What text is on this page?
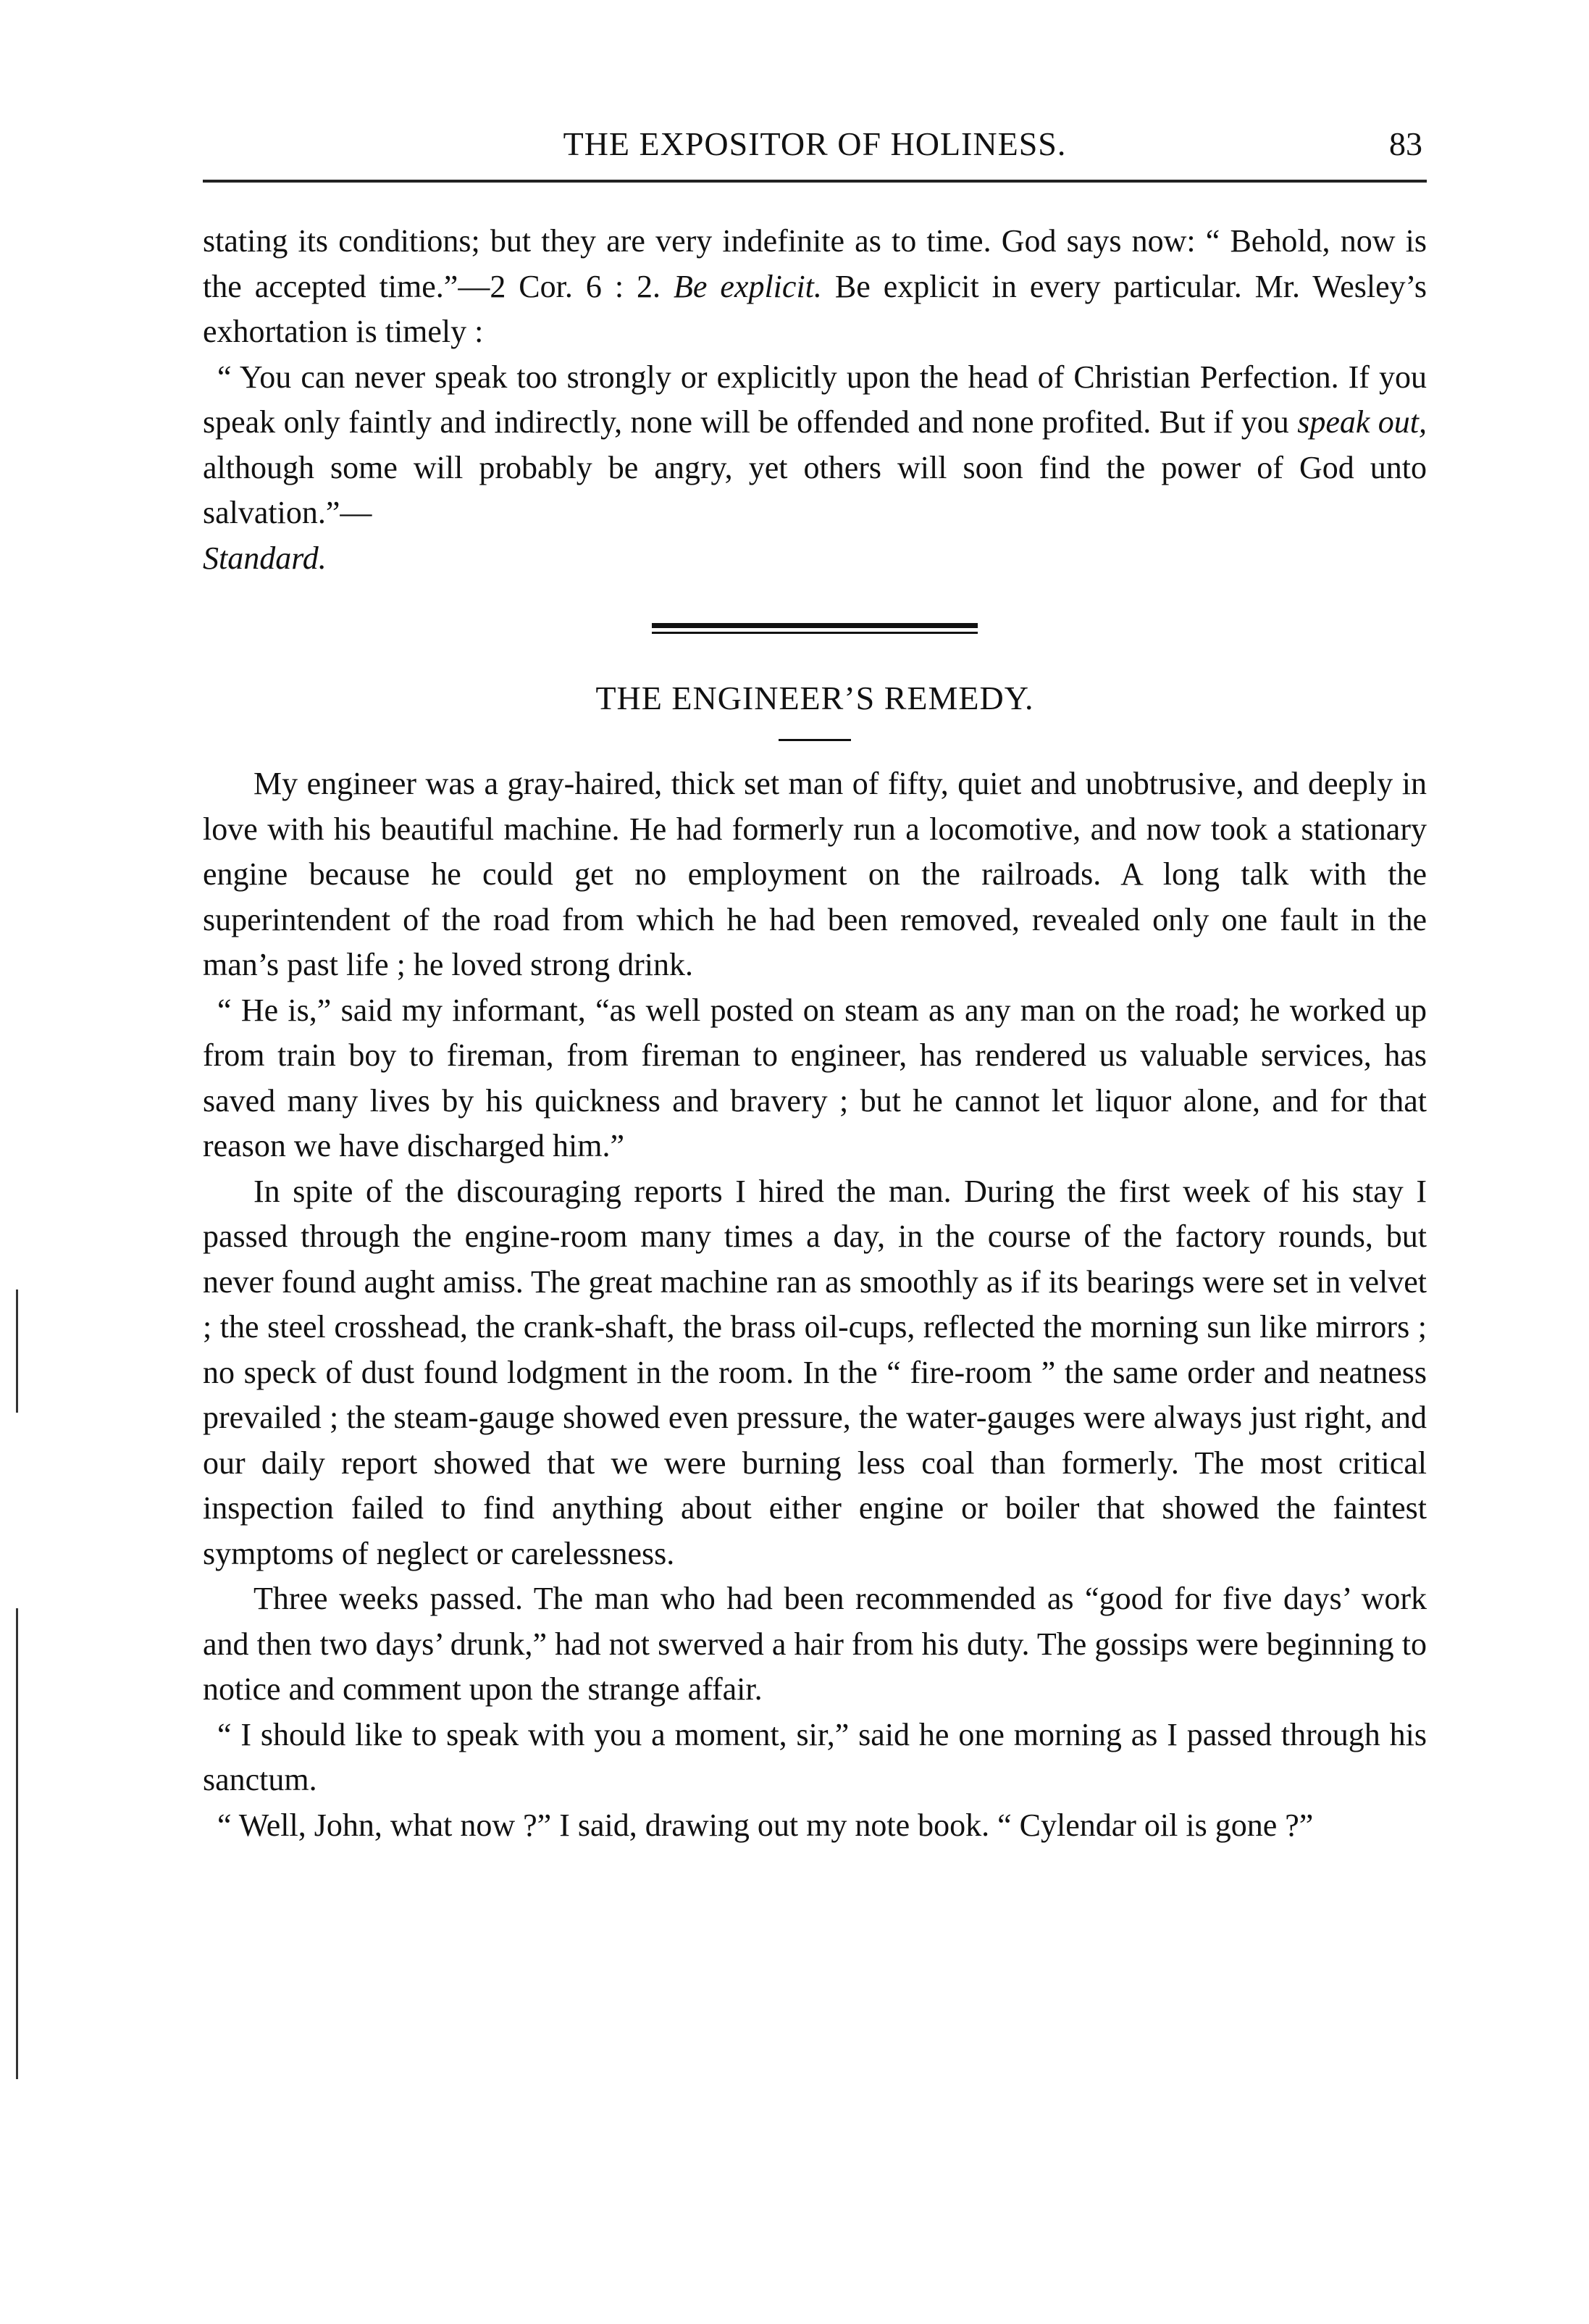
THE EXPOSITOR OF HOLINESS.	83

stating its conditions; but they are very indefinite as to time. God says now: “ Behold, now is the accepted time.”—2 Cor. 6 : 2. Be explicit. Be explicit in every particular. Mr. Wesley’s exhortation is timely :

“ You can never speak too strongly or explicitly upon the head of Christian Perfection. If you speak only faintly and indirectly, none will be offended and none profited. But if you speak out, although some will probably be angry, yet others will soon find the power of God unto salvation.”—
Standard.

THE ENGINEER’S REMEDY.

My engineer was a gray-haired, thick set man of fifty, quiet and unobtrusive, and deeply in love with his beautiful machine. He had formerly run a locomotive, and now took a stationary engine because he could get no employment on the railroads. A long talk with the superintendent of the road from which he had been removed, revealed only one fault in the man’s past life ; he loved strong drink.

“ He is,” said my informant, “as well posted on steam as any man on the road; he worked up from train boy to fireman, from fireman to engineer, has rendered us valuable services, has saved many lives by his quickness and bravery ; but he cannot let liquor alone, and for that reason we have discharged him.”

In spite of the discouraging reports I hired the man. During the first week of his stay I passed through the engine-room many times a day, in the course of the factory rounds, but never found aught amiss. The great machine ran as smoothly as if its bearings were set in velvet ; the steel crosshead, the crank-shaft, the brass oil-cups, reflected the morning sun like mirrors ; no speck of dust found lodgment in the room. In the “ fire-room ” the same order and neatness prevailed ; the steam-gauge showed even pressure, the water-gauges were always just right, and our daily report showed that we were burning less coal than formerly. The most critical inspection failed to find anything about either engine or boiler that showed the faintest symptoms of neglect or carelessness.

Three weeks passed. The man who had been recommended as “good for five days’ work and then two days’ drunk,” had not swerved a hair from his duty. The gossips were beginning to notice and comment upon the strange affair.

“ I should like to speak with you a moment, sir,” said he one morning as I passed through his sanctum.

“ Well, John, what now ?” I said, drawing out my note book. “ Cylendar oil is gone ?”
